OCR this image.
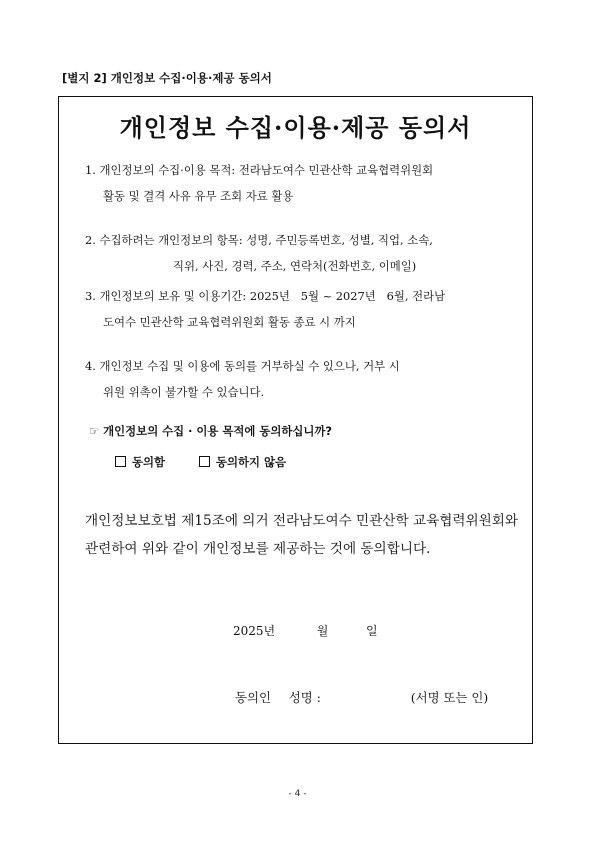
[별지 2] 개인정보 수집·이용·제공 동의서
개인정보 수집·이용·제공 동의서
1. 개인정보의 수집·이용 목적: 전라남도여수 민관산학 교육협력위원회
활동 및 결격 사유 유무 조회 자료 활용
2. 수집하려는 개인정보의 항목: 성명, 주민등록번호, 성별, 직업, 소속,
직위, 사진, 경력, 주소, 연락처(전화번호, 이메일)
3. 개인정보의 보유 및 이용기간: 2025년   5월 ~ 2027년   6월, 전라남
도여수 민관산학 교육협력위원회 활동 종료 시 까지
4. 개인정보 수집 및 이용에 동의를 거부하실 수 있으나, 거부 시
위원 위촉이 불가할 수 있습니다.
☞ 개인정보의 수집 · 이용 목적에 동의하십니까?
동의함	동의하지 않음
개인정보보호법 제15조에 의거 전라남도여수 민관산학 교육협력위원회와 관련하여 위와 같이 개인정보를 제공하는 것에 동의합니다.
2025년	월	일
동의인 성명 :	(서명 또는 인)
- 4 -
